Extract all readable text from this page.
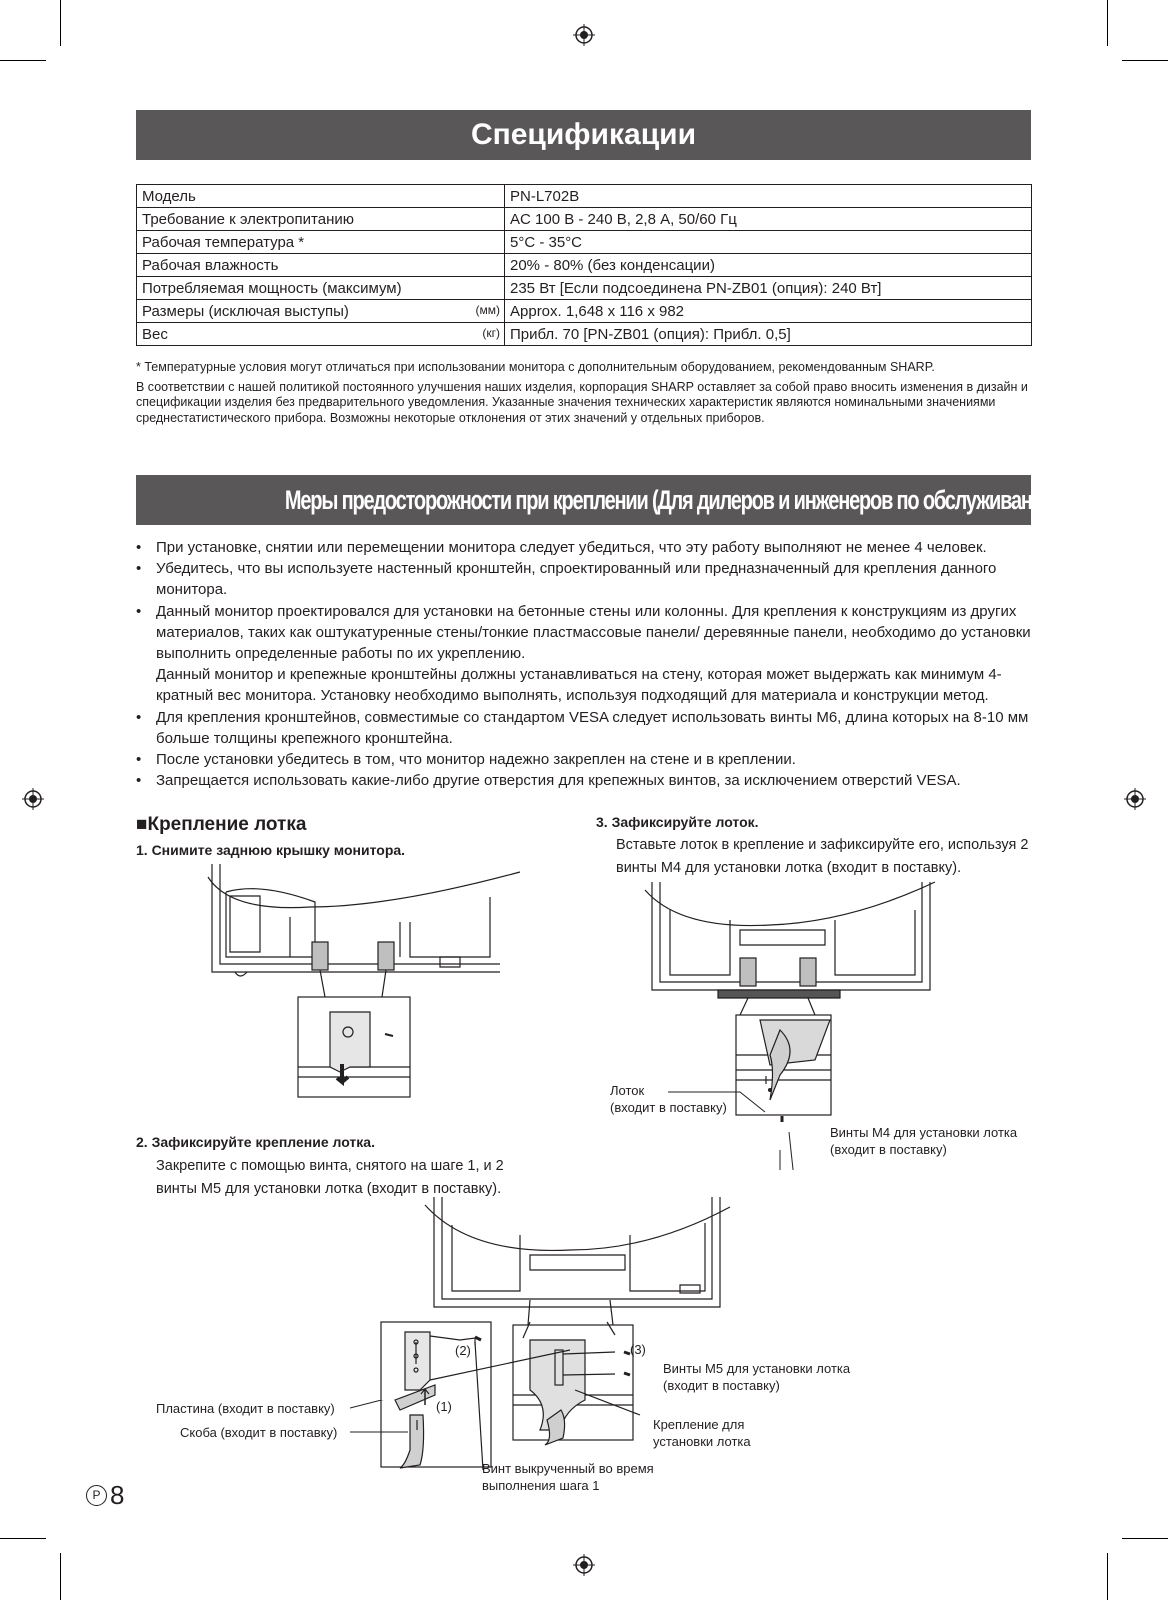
Спецификации
Модель	PN-L702B
Требование к электропитанию	AC 100 В - 240 В, 2,8 А, 50/60 Гц
Рабочая температура *	5°C - 35°C
Рабочая влажность	20% - 80% (без конденсации)
Потребляемая мощность (максимум)	235 Вт [Если подсоединена PN-ZB01 (опция): 240 Вт]
Размеры (исключая выступы) (мм)	Approx. 1,648 x 116 x 982
Вес (кг)	Прибл. 70 [PN-ZB01 (опция): Прибл. 0,5]

* Температурные условия могут отличаться при использовании монитора с дополнительным оборудованием, рекомендованным SHARP.

В соответствии с нашей политикой постоянного улучшения наших изделия, корпорация SHARP оставляет за собой право вносить изменения в дизайн и спецификации изделия без предварительного уведомления. Указанные значения технических характеристик являются номинальными значениями среднестатистического прибора. Возможны некоторые отклонения от этих значений у отдельных приборов.

Меры предосторожности при креплении (Для дилеров и инженеров по обслуживанию SHARP)
• При установке, снятии или перемещении монитора следует убедиться, что эту работу выполняют не менее 4 человек.
• Убедитесь, что вы используете настенный кронштейн, спроектированный или предназначенный для крепления данного монитора.
• Данный монитор проектировался для установки на бетонные стены или колонны. Для крепления к конструкциям из других материалов, таких как оштукатуренные стены/тонкие пластмассовые панели/ деревянные панели, необходимо до установки выполнить определенные работы по их укреплению.
Данный монитор и крепежные кронштейны должны устанавливаться на стену, которая может выдержать как минимум 4-кратный вес монитора. Установку необходимо выполнять, используя подходящий для материала и конструкции метод.
• Для крепления кронштейнов, совместимые со стандартом VESA следует использовать винты M6, длина которых на 8-10 мм больше толщины крепежного кронштейна.
• После установки убедитесь в том, что монитор надежно закреплен на стене и в креплении.
• Запрещается использовать какие-либо другие отверстия для крепежных винтов, за исключением отверстий VESA.
■Крепление лотка
1. Снимите заднюю крышку монитора.
3. Зафиксируйте лоток.
Вставьте лоток в крепление и зафиксируйте его, используя 2 винты M4 для установки лотка (входит в поставку).
2. Зафиксируйте крепление лотка.
Закрепите с помощью винта, снятого на шаге 1, и 2 винты M5 для установки лотка (входит в поставку).
Лоток
(входит в поставку)
Винты M4 для установки лотка
(входит в поставку)
(2)
(1)
(3)
Пластина (входит в поставку)
Скоба (входит в поставку)
Винты M5 для установки лотка
(входит в поставку)
Крепление для
установки лотка
Винт выкрученный во время
выполнения шага 1
P 8
